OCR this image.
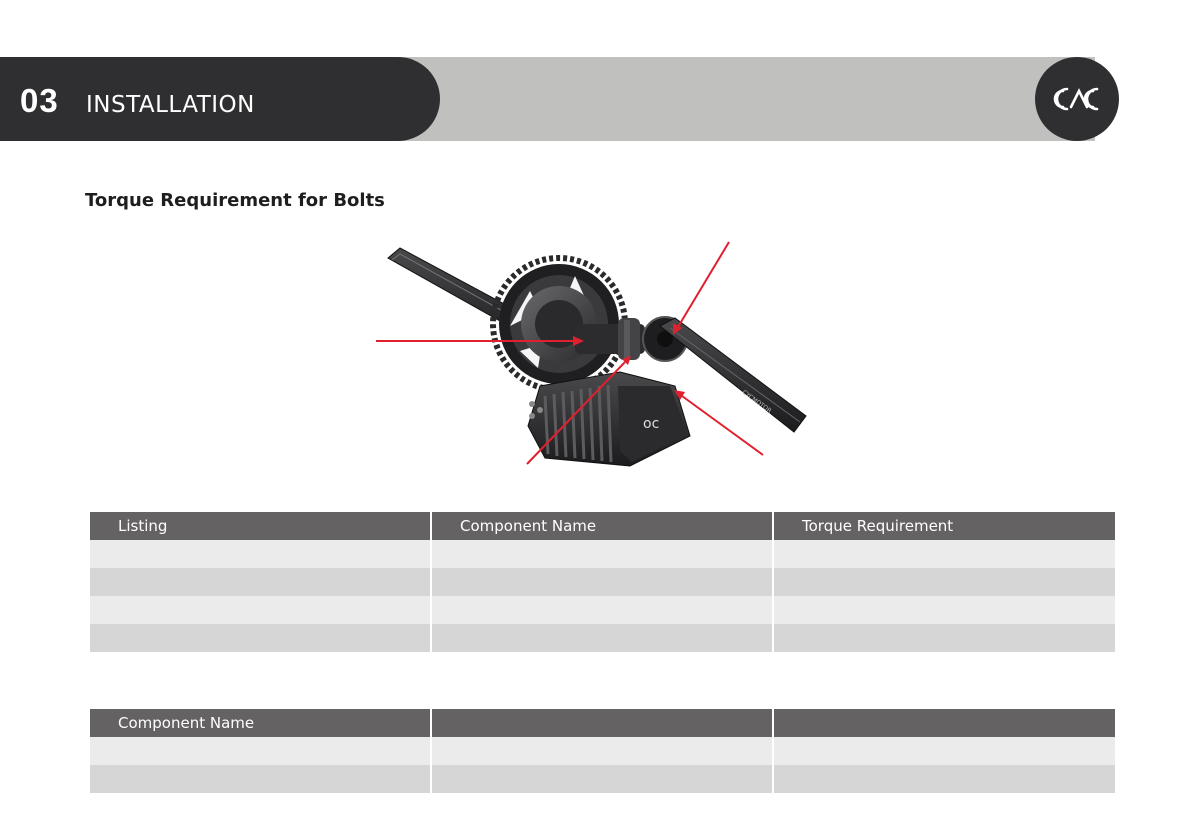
03 INSTALLATION
Torque Requirement for Bolts
CYCMOTOR
oc
Listing	Component Name	Torque Requirement

Component Name		
